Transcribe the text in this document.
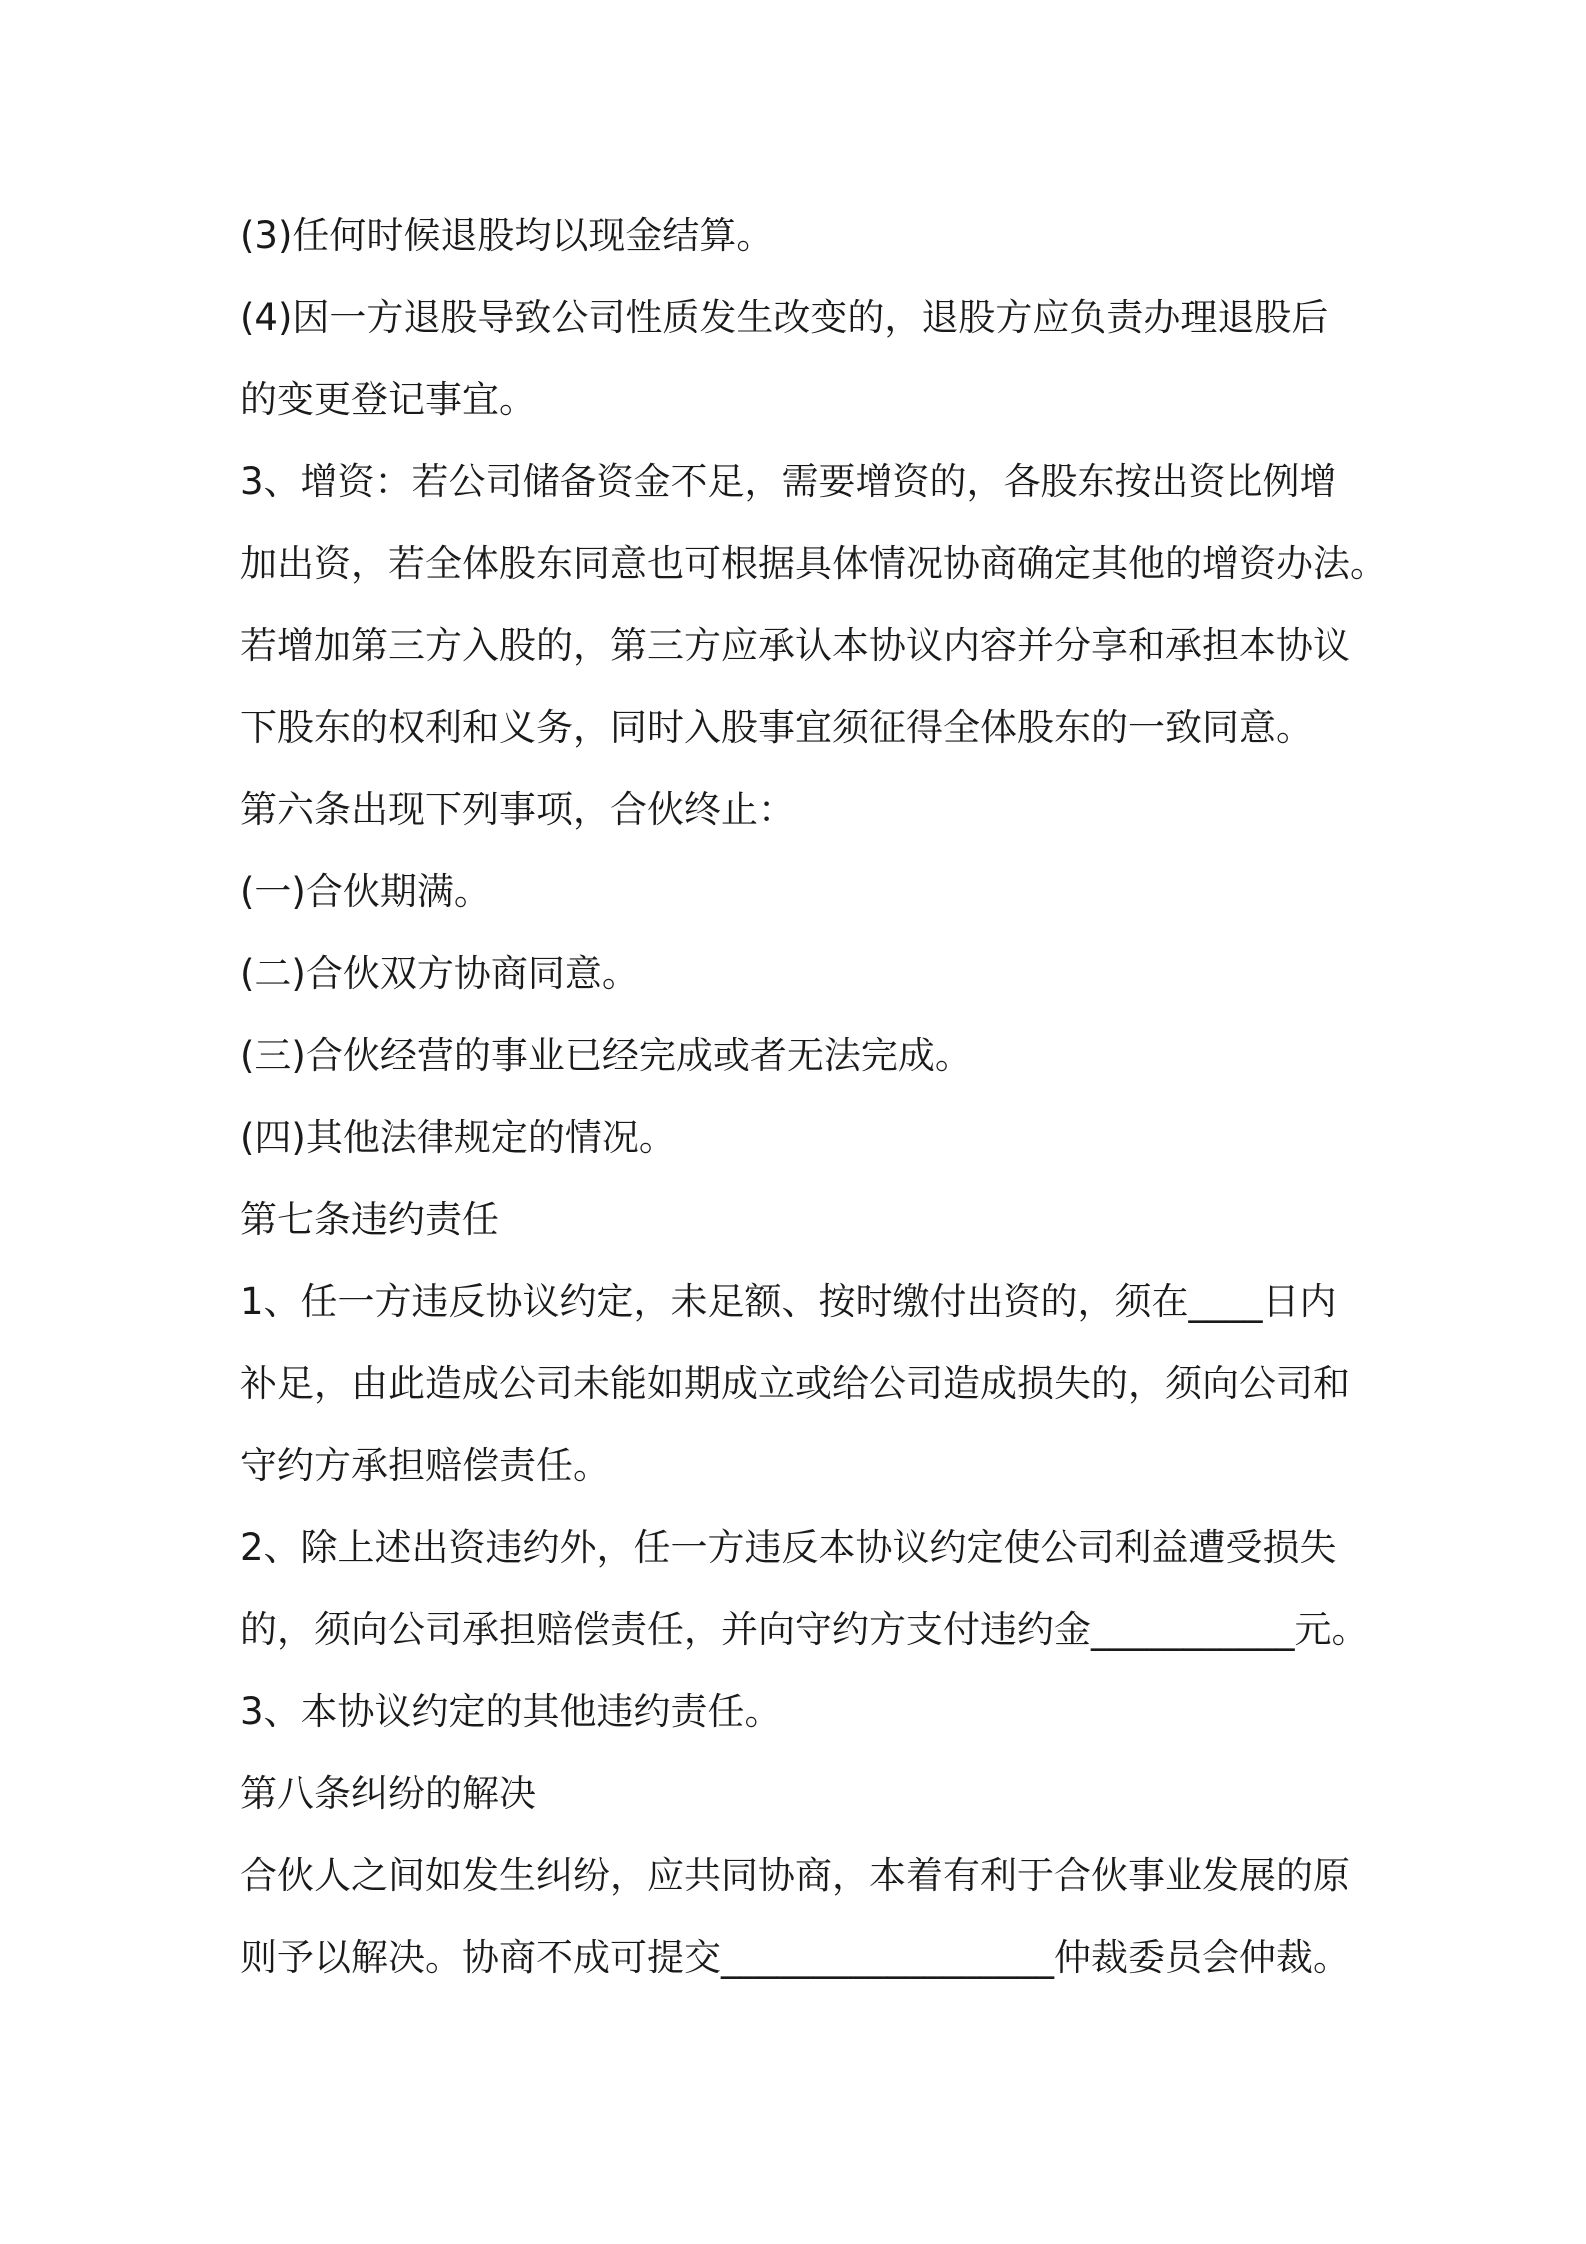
(3)任何时候退股均以现金结算。

(4)因一方退股导致公司性质发生改变的，退股方应负责办理退股后

的变更登记事宜。

3、增资：若公司储备资金不足，需要增资的，各股东按出资比例增

加出资，若全体股东同意也可根据具体情况协商确定其他的增资办法。

若增加第三方入股的，第三方应承认本协议内容并分享和承担本协议

下股东的权利和义务，同时入股事宜须征得全体股东的一致同意。

第六条出现下列事项，合伙终止：

(一)合伙期满。

(二)合伙双方协商同意。

(三)合伙经营的事业已经完成或者无法完成。

(四)其他法律规定的情况。

第七条违约责任

1、任一方违反协议约定，未足额、按时缴付出资的，须在____日内

补足，由此造成公司未能如期成立或给公司造成损失的，须向公司和

守约方承担赔偿责任。

2、除上述出资违约外，任一方违反本协议约定使公司利益遭受损失

的，须向公司承担赔偿责任，并向守约方支付违约金___________元。

3、本协议约定的其他违约责任。

第八条纠纷的解决

合伙人之间如发生纠纷，应共同协商，本着有利于合伙事业发展的原

则予以解决。协商不成可提交__________________仲裁委员会仲裁。
